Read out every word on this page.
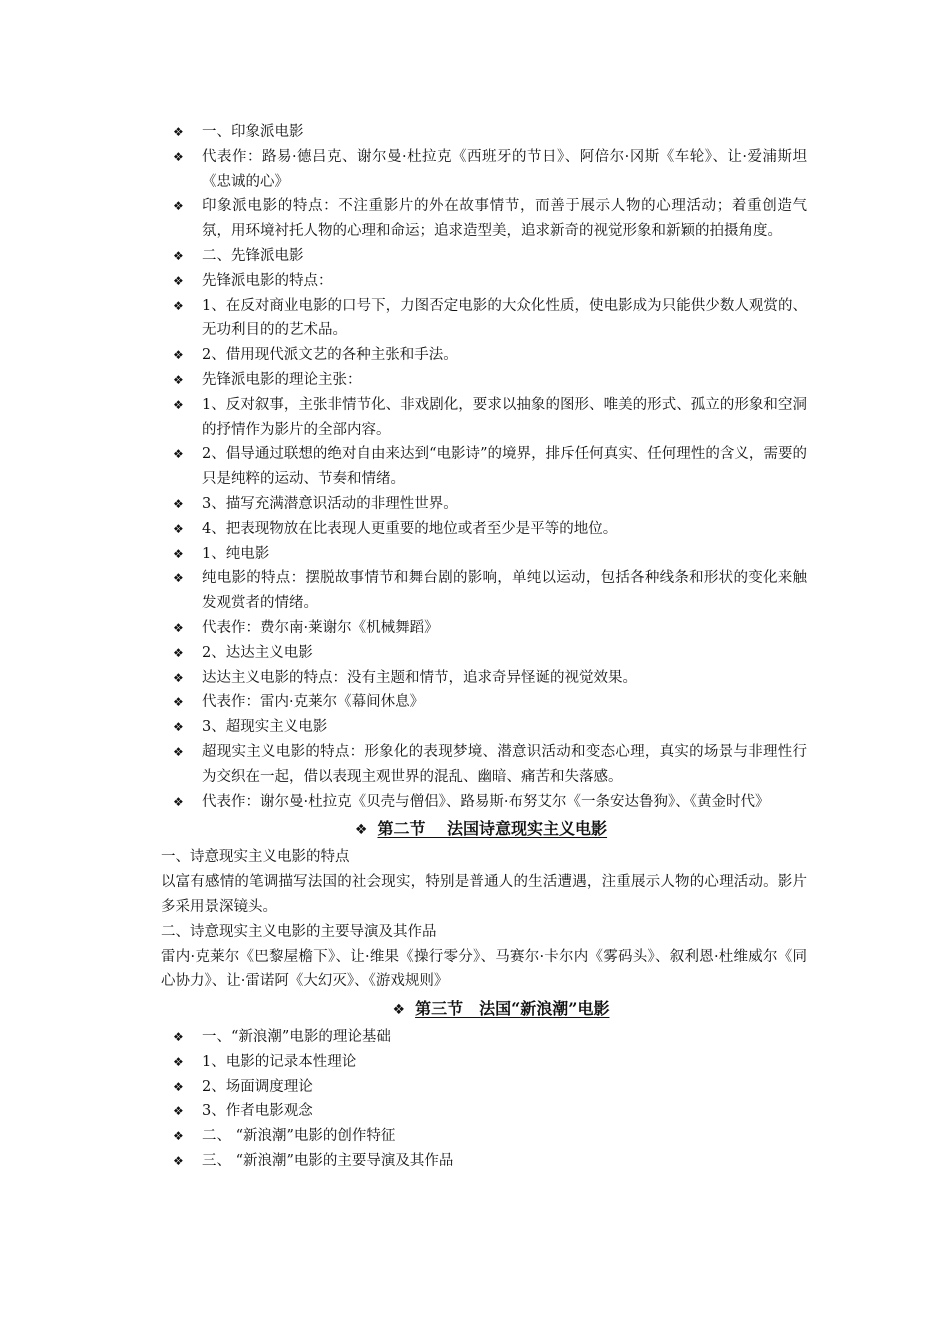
❖ 一、印象派电影
❖ 代表作：路易·德吕克、谢尔曼·杜拉克《西班牙的节日》、阿倍尔·冈斯《车轮》、让·爱浦斯坦《忠诚的心》
❖ 印象派电影的特点：不注重影片的外在故事情节，而善于展示人物的心理活动；着重创造气氛，用环境衬托人物的心理和命运；追求造型美，追求新奇的视觉形象和新颖的拍摄角度。
❖ 二、先锋派电影
❖ 先锋派电影的特点：
❖ 1、在反对商业电影的口号下，力图否定电影的大众化性质，使电影成为只能供少数人观赏的、无功利目的的艺术品。
❖ 2、借用现代派文艺的各种主张和手法。
❖ 先锋派电影的理论主张：
❖ 1、反对叙事，主张非情节化、非戏剧化，要求以抽象的图形、唯美的形式、孤立的形象和空洞的抒情作为影片的全部内容。
❖ 2、倡导通过联想的绝对自由来达到“电影诗”的境界，排斥任何真实、任何理性的含义，需要的只是纯粹的运动、节奏和情绪。
❖ 3、描写充满潜意识活动的非理性世界。
❖ 4、把表现物放在比表现人更重要的地位或者至少是平等的地位。
❖ 1、纯电影
❖ 纯电影的特点：摆脱故事情节和舞台剧的影响，单纯以运动，包括各种线条和形状的变化来触发观赏者的情绪。
❖ 代表作：费尔南·莱谢尔《机械舞蹈》
❖ 2、达达主义电影
❖ 达达主义电影的特点：没有主题和情节，追求奇异怪诞的视觉效果。
❖ 代表作：雷内·克莱尔《幕间休息》
❖ 3、超现实主义电影
❖ 超现实主义电影的特点：形象化的表现梦境、潜意识活动和变态心理，真实的场景与非理性行为交织在一起，借以表现主观世界的混乱、幽暗、痛苦和失落感。
❖ 代表作：谢尔曼·杜拉克《贝壳与僧侣》、路易斯·布努艾尔《一条安达鲁狗》、《黄金时代》
❖ 第二节　 法国诗意现实主义电影

一、诗意现实主义电影的特点

以富有感情的笔调描写法国的社会现实，特别是普通人的生活遭遇，注重展示人物的心理活动。影片多采用景深镜头。

二、诗意现实主义电影的主要导演及其作品

雷内·克莱尔《巴黎屋檐下》、让·维果《操行零分》、马赛尔·卡尔内《雾码头》、叙利恩·杜维威尔《同心协力》、让·雷诺阿《大幻灭》、《游戏规则》

❖ 第三节　法国“新浪潮”电影
❖ 一、“新浪潮”电影的理论基础
❖ 1、电影的记录本性理论
❖ 2、场面调度理论
❖ 3、作者电影观念
❖ 二、 “新浪潮”电影的创作特征
❖ 三、 “新浪潮”电影的主要导演及其作品
